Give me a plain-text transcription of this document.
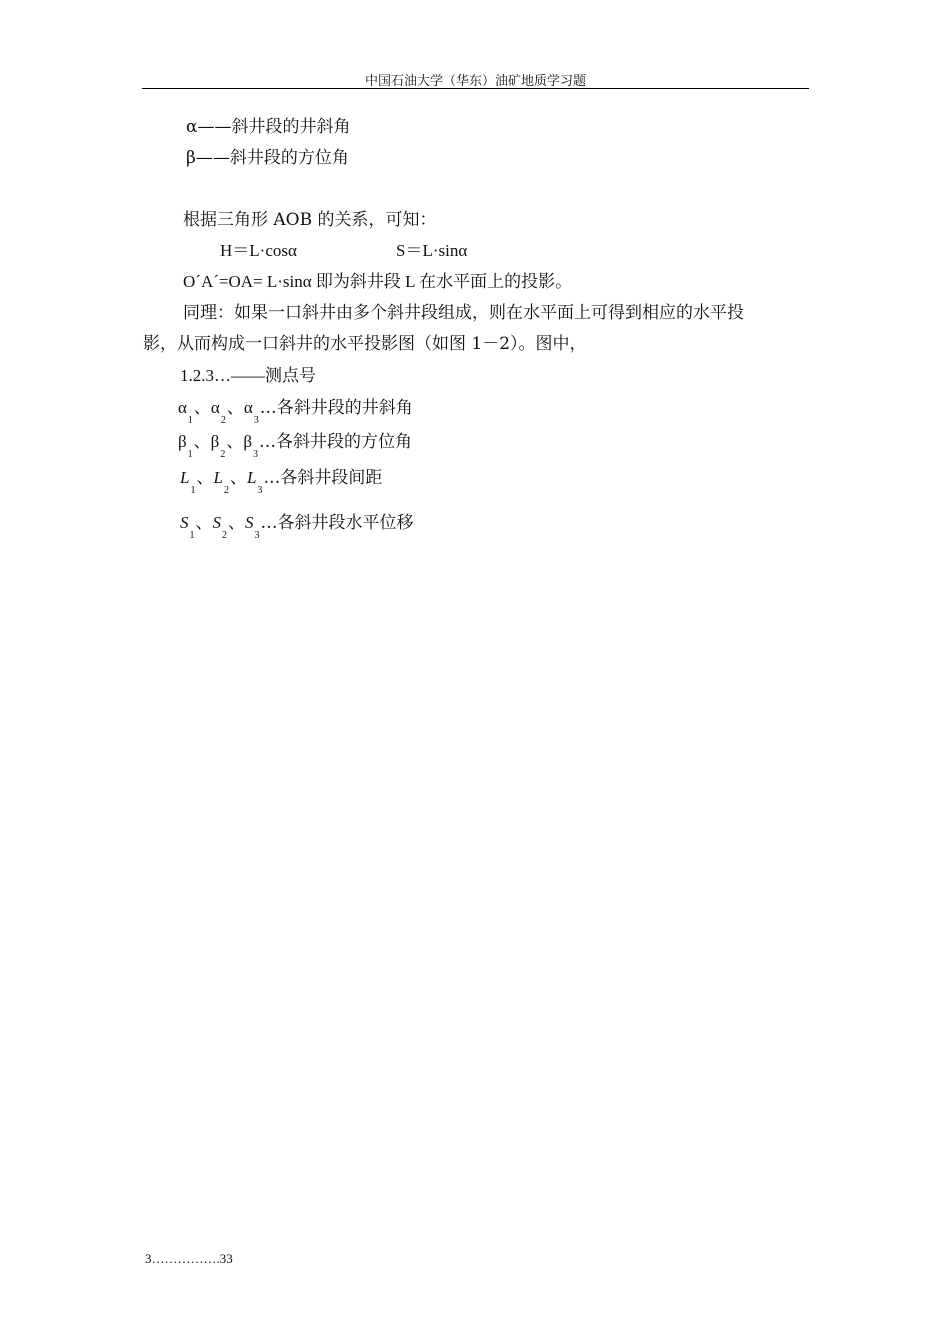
中国石油大学（华东）油矿地质学习题
α——斜井段的井斜角
β——斜井段的方位角
根据三角形 AOB 的关系，可知：
H＝L·cosα	S＝L·sinα
O´A´=OA= L·sinα 即为斜井段 L 在水平面上的投影。
同理：如果一口斜井由多个斜井段组成，则在水平面上可得到相应的水平投
影，从而构成一口斜井的水平投影图（如图 1－2）。图中，
1.2.3…——测点号
$\alpha_1$、$\alpha_2$、$\alpha_3\dots$各斜井段的井斜角
$\beta_1$、$\beta_2$、$\beta_3\dots$各斜井段的方位角
$L_1$、$L_2$、$L_3\dots$各斜井段间距
$S_1$、$S_2$、$S_3\dots$各斜井段水平位移
3…………….33
